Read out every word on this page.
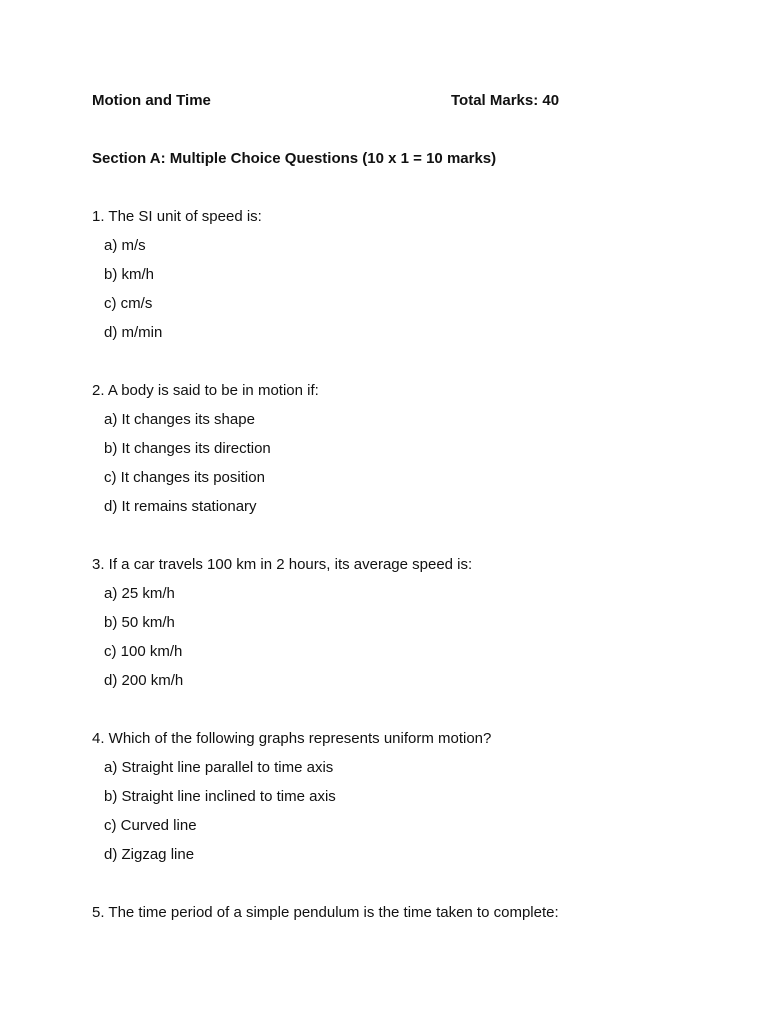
Motion and Time	Total Marks: 40
Section A: Multiple Choice Questions (10 x 1 = 10 marks)
1. The SI unit of speed is:
a) m/s
b) km/h
c) cm/s
d) m/min
2. A body is said to be in motion if:
a) It changes its shape
b) It changes its direction
c) It changes its position
d) It remains stationary
3. If a car travels 100 km in 2 hours, its average speed is:
a) 25 km/h
b) 50 km/h
c) 100 km/h
d) 200 km/h
4. Which of the following graphs represents uniform motion?
a) Straight line parallel to time axis
b) Straight line inclined to time axis
c) Curved line
d) Zigzag line
5. The time period of a simple pendulum is the time taken to complete:
